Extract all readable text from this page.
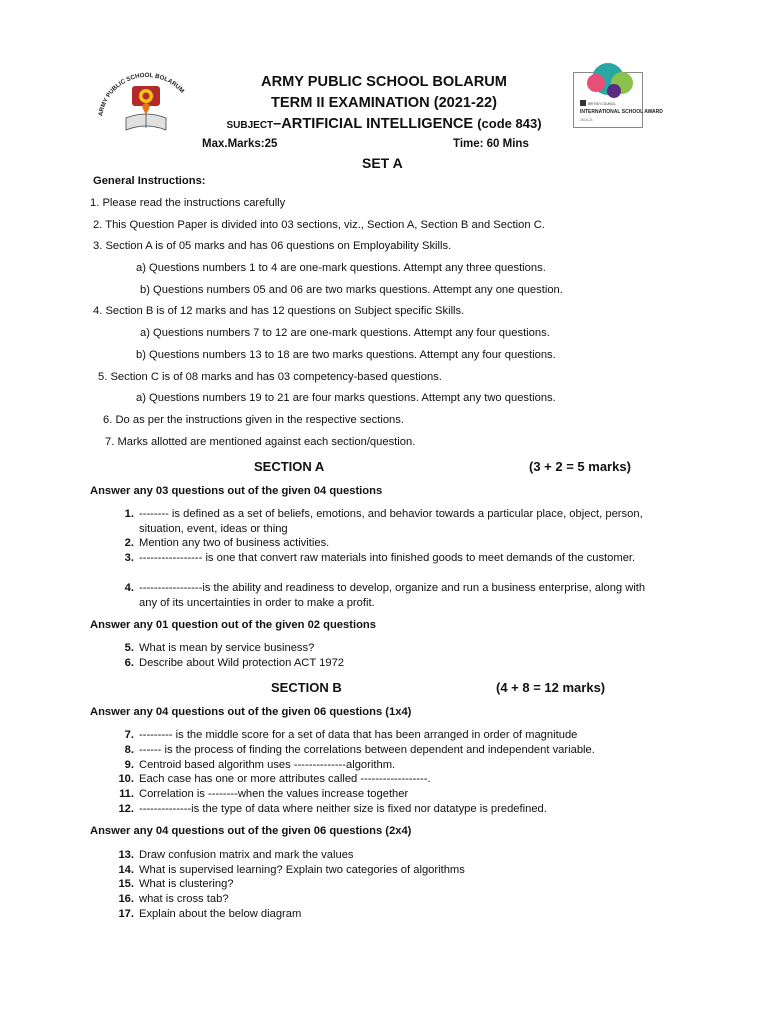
ARMY PUBLIC SCHOOL BOLARUM
BRITISH COUNCIL
INTERNATIONAL SCHOOL AWARD
2019-21
ARMY PUBLIC SCHOOL BOLARUM
TERM II EXAMINATION (2021-22)
SUBJECT–ARTIFICIAL INTELLIGENCE (code 843)
Max.Marks:25	Time: 60 Mins
SET A
General Instructions:
1. Please read the instructions carefully
2. This Question Paper is divided into 03 sections, viz., Section A, Section B and Section C.
3. Section A is of 05 marks and has 06 questions on Employability Skills.
a) Questions numbers 1 to 4 are one-mark questions. Attempt any three questions.
b) Questions numbers 05 and 06 are two marks questions. Attempt any one question.
4. Section B is of 12 marks and has 12 questions on Subject specific Skills.
a) Questions numbers 7 to 12 are one-mark questions. Attempt any four questions.
b) Questions numbers 13 to 18 are two marks questions. Attempt any four questions.
5. Section C is of 08 marks and has 03 competency-based questions.
a) Questions numbers 19 to 21 are four marks questions. Attempt any two questions.
6. Do as per the instructions given in the respective sections.
7. Marks allotted are mentioned against each section/question.
SECTION A	(3 + 2 = 5 marks)
Answer any 03 questions out of the given 04 questions
1. -------- is defined as a set of beliefs, emotions, and behavior towards a particular place, object, person, situation, event, ideas or thing
2. Mention any two of business activities.
3. ----------------- is one that convert raw materials into finished goods to meet demands of the customer.
4. -----------------is the ability and readiness to develop, organize and run a business enterprise, along with any of its uncertainties in order to make a profit.
Answer any 01 question out of the given 02 questions
5. What is mean by service business?
6. Describe about Wild protection ACT 1972
SECTION B	(4 + 8 = 12 marks)
Answer any 04 questions out of the given 06 questions (1x4)
7. --------- is the middle score for a set of data that has been arranged in order of magnitude
8. ------ is the process of finding the correlations between dependent and independent variable.
9. Centroid based algorithm uses --------------algorithm.
10. Each case has one or more attributes called ------------------.
11. Correlation is --------when the values increase together
12. --------------is the type of data where neither size is fixed nor datatype is predefined.
Answer any 04 questions out of the given 06 questions (2x4)
13. Draw confusion matrix and mark the values
14. What is supervised learning? Explain two categories of algorithms
15. What is clustering?
16. what is cross tab?
17. Explain about the below diagram
